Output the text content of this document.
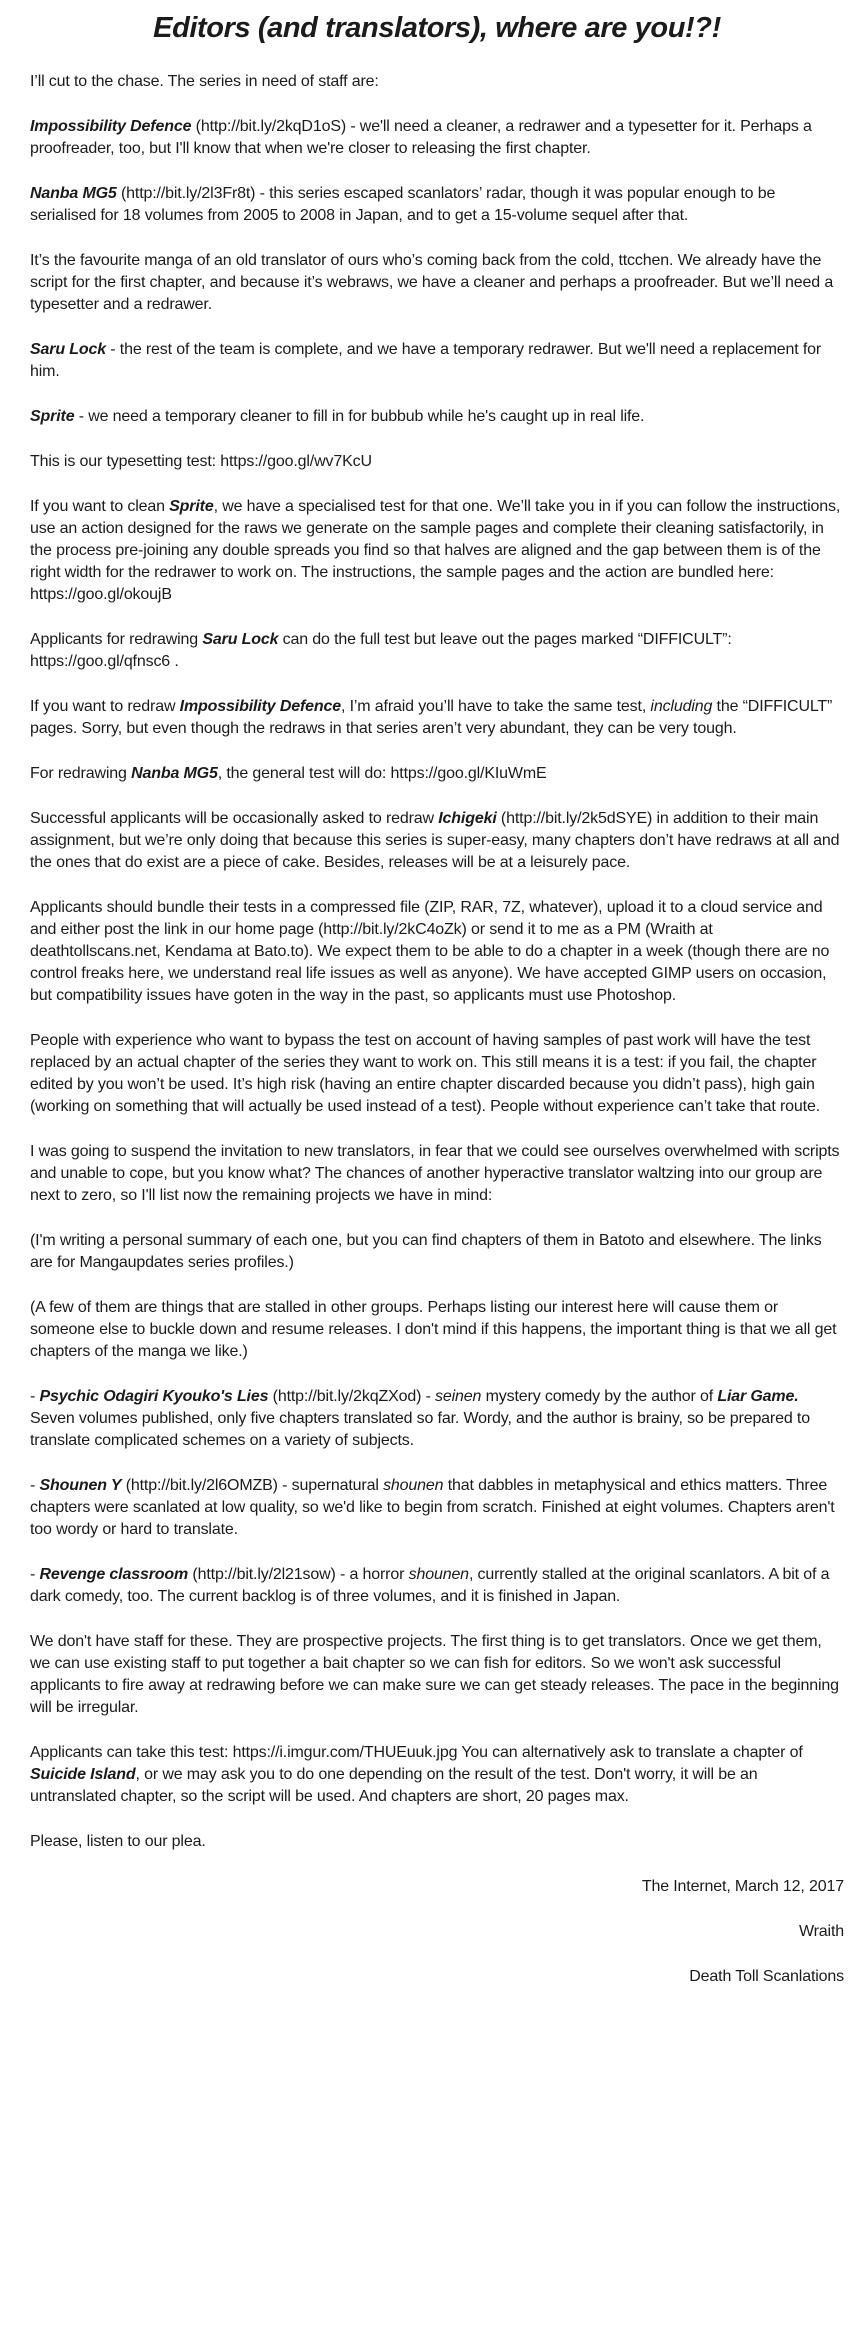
Editors (and translators), where are you!?!

I’ll cut to the chase. The series in need of staff are:

Impossibility Defence (http://bit.ly/2kqD1oS) - we'll need a cleaner, a redrawer and a typesetter for it. Perhaps a proofreader, too, but I'll know that when we're closer to releasing the first chapter.

Nanba MG5 (http://bit.ly/2l3Fr8t) - this series escaped scanlators’ radar, though it was popular enough to be serialised for 18 volumes from 2005 to 2008 in Japan, and to get a 15-volume sequel after that.

It’s the favourite manga of an old translator of ours who’s coming back from the cold, ttcchen. We already have the script for the first chapter, and because it’s webraws, we have a cleaner and perhaps a proofreader. But we’ll need a typesetter and a redrawer.

Saru Lock - the rest of the team is complete, and we have a temporary redrawer. But we'll need a replacement for him.

Sprite - we need a temporary cleaner to fill in for bubbub while he's caught up in real life.

This is our typesetting test: https://goo.gl/wv7KcU

If you want to clean Sprite, we have a specialised test for that one. We’ll take you in if you can follow the instructions, use an action designed for the raws we generate on the sample pages and complete their cleaning satisfactorily, in the process pre-joining any double spreads you find so that halves are aligned and the gap between them is of the right width for the redrawer to work on. The instructions, the sample pages and the action are bundled here: https://goo.gl/okoujB

Applicants for redrawing Saru Lock can do the full test but leave out the pages marked “DIFFICULT”: https://goo.gl/qfnsc6 .

If you want to redraw Impossibility Defence, I’m afraid you’ll have to take the same test, including the “DIFFICULT” pages. Sorry, but even though the redraws in that series aren’t very abundant, they can be very tough.

For redrawing Nanba MG5, the general test will do: https://goo.gl/KIuWmE

Successful applicants will be occasionally asked to redraw Ichigeki (http://bit.ly/2k5dSYE) in addition to their main assignment, but we’re only doing that because this series is super-easy, many chapters don’t have redraws at all and the ones that do exist are a piece of cake. Besides, releases will be at a leisurely pace.

Applicants should bundle their tests in a compressed file (ZIP, RAR, 7Z, whatever), upload it to a cloud service and and either post the link in our home page (http://bit.ly/2kC4oZk) or send it to me as a PM (Wraith at deathtollscans.net, Kendama at Bato.to). We expect them to be able to do a chapter in a week (though there are no control freaks here, we understand real life issues as well as anyone). We have accepted GIMP users on occasion, but compatibility issues have goten in the way in the past, so applicants must use Photoshop.

People with experience who want to bypass the test on account of having samples of past work will have the test replaced by an actual chapter of the series they want to work on. This still means it is a test: if you fail, the chapter edited by you won’t be used. It’s high risk (having an entire chapter discarded because you didn’t pass), high gain (working on something that will actually be used instead of a test). People without experience can’t take that route.

I was going to suspend the invitation to new translators, in fear that we could see ourselves overwhelmed with scripts and unable to cope, but you know what? The chances of another hyperactive translator waltzing into our group are next to zero, so I'll list now the remaining projects we have in mind:

(I'm writing a personal summary of each one, but you can find chapters of them in Batoto and elsewhere. The links are for Mangaupdates series profiles.)

(A few of them are things that are stalled in other groups. Perhaps listing our interest here will cause them or someone else to buckle down and resume releases. I don't mind if this happens, the important thing is that we all get chapters of the manga we like.)

- Psychic Odagiri Kyouko's Lies (http://bit.ly/2kqZXod) - seinen mystery comedy by the author of Liar Game. Seven volumes published, only five chapters translated so far. Wordy, and the author is brainy, so be prepared to translate complicated schemes on a variety of subjects.

- Shounen Y (http://bit.ly/2l6OMZB) - supernatural shounen that dabbles in metaphysical and ethics matters. Three chapters were scanlated at low quality, so we'd like to begin from scratch. Finished at eight volumes. Chapters aren't too wordy or hard to translate.

- Revenge classroom (http://bit.ly/2l21sow) - a horror shounen, currently stalled at the original scanlators. A bit of a dark comedy, too. The current backlog is of three volumes, and it is finished in Japan.

We don't have staff for these. They are prospective projects. The first thing is to get translators. Once we get them, we can use existing staff to put together a bait chapter so we can fish for editors. So we won't ask successful applicants to fire away at redrawing before we can make sure we can get steady releases. The pace in the beginning will be irregular.

Applicants can take this test: https://i.imgur.com/THUEuuk.jpg You can alternatively ask to translate a chapter of Suicide Island, or we may ask you to do one depending on the result of the test. Don't worry, it will be an untranslated chapter, so the script will be used. And chapters are short, 20 pages max.

Please, listen to our plea.

The Internet, March 12, 2017

Wraith

Death Toll Scanlations
